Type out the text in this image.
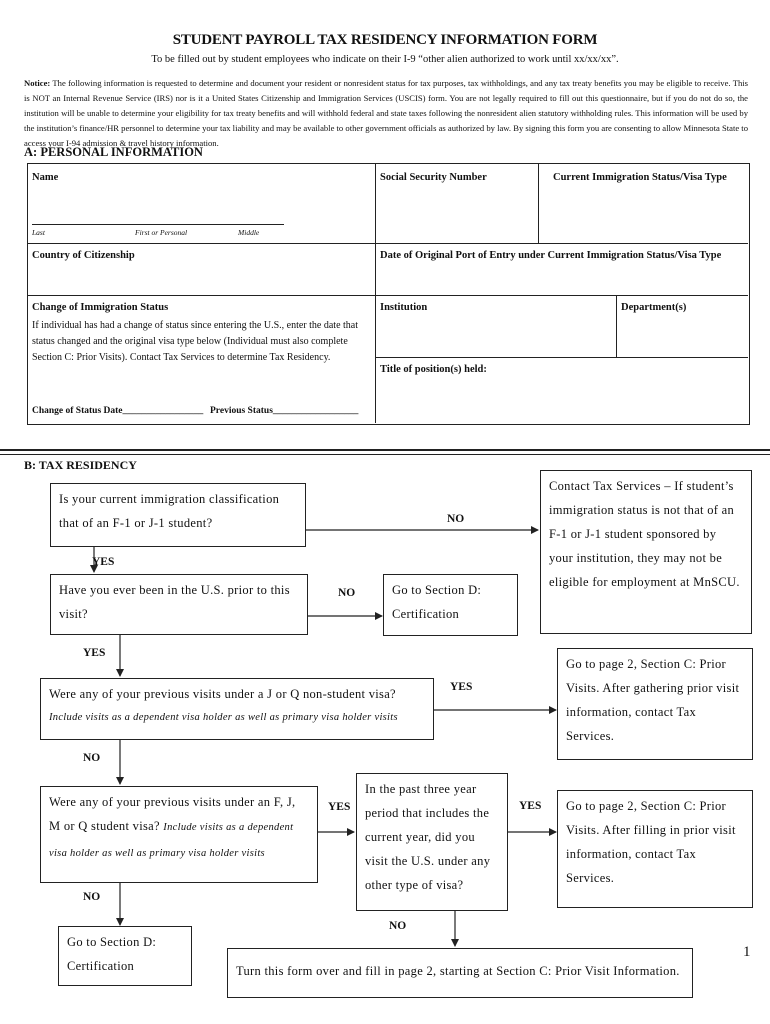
STUDENT PAYROLL TAX RESIDENCY INFORMATION FORM
To be filled out by student employees who indicate on their I-9 “other alien authorized to work until xx/xx/xx”.
Notice: The following information is requested to determine and document your resident or nonresident status for tax purposes, tax withholdings, and any tax treaty benefits you may be eligible to receive. This is NOT an Internal Revenue Service (IRS) nor is it a United States Citizenship and Immigration Services (USCIS) form. You are not legally required to fill out this questionnaire, but if you do not do so, the institution will be unable to determine your eligibility for tax treaty benefits and will withhold federal and state taxes following the nonresident alien statutory withholding rules. This information will be used by the institution’s finance/HR personnel to determine your tax liability and may be available to other government officials as authorized by law. By signing this form you are consenting to allow Minnesota State to access your I-94 admission & travel history information.
A: PERSONAL INFORMATION
Name
Last	First or Personal	Middle
Social Security Number	Current Immigration Status/Visa Type
Country of Citizenship	Date of Original Port of Entry under Current Immigration Status/Visa Type
Change of Immigration Status
If individual has had a change of status since entering the U.S., enter the date that status changed and the original visa type below (Individual must also complete Section C: Prior Visits). Contact Tax Services to determine Tax Residency.
Change of Status Date_________________ Previous Status__________________
Institution	Department(s)
Title of position(s) held:
B: TAX RESIDENCY
Is your current immigration classification that of an F-1 or J-1 student?
Contact Tax Services – If student’s immigration status is not that of an F-1 or J-1 student sponsored by your institution, they may not be eligible for employment at MnSCU.
Have you ever been in the U.S. prior to this visit?
Go to Section D: Certification
Were any of your previous visits under a J or Q non-student visa?
Include visits as a dependent visa holder as well as primary visa holder visits
Go to page 2, Section C: Prior Visits. After gathering prior visit information, contact Tax Services.
Were any of your previous visits under an F, J, M or Q student visa? Include visits as a dependent visa holder as well as primary visa holder visits
In the past three year period that includes the current year, did you visit the U.S. under any other type of visa?
Go to page 2, Section C: Prior Visits. After filling in prior visit information, contact Tax Services.
Go to Section D: Certification	Turn this form over and fill in page 2, starting at Section C: Prior Visit Information.
NO
YES
NO
YES
YES
NO
YES	YES
NO
NO
1
